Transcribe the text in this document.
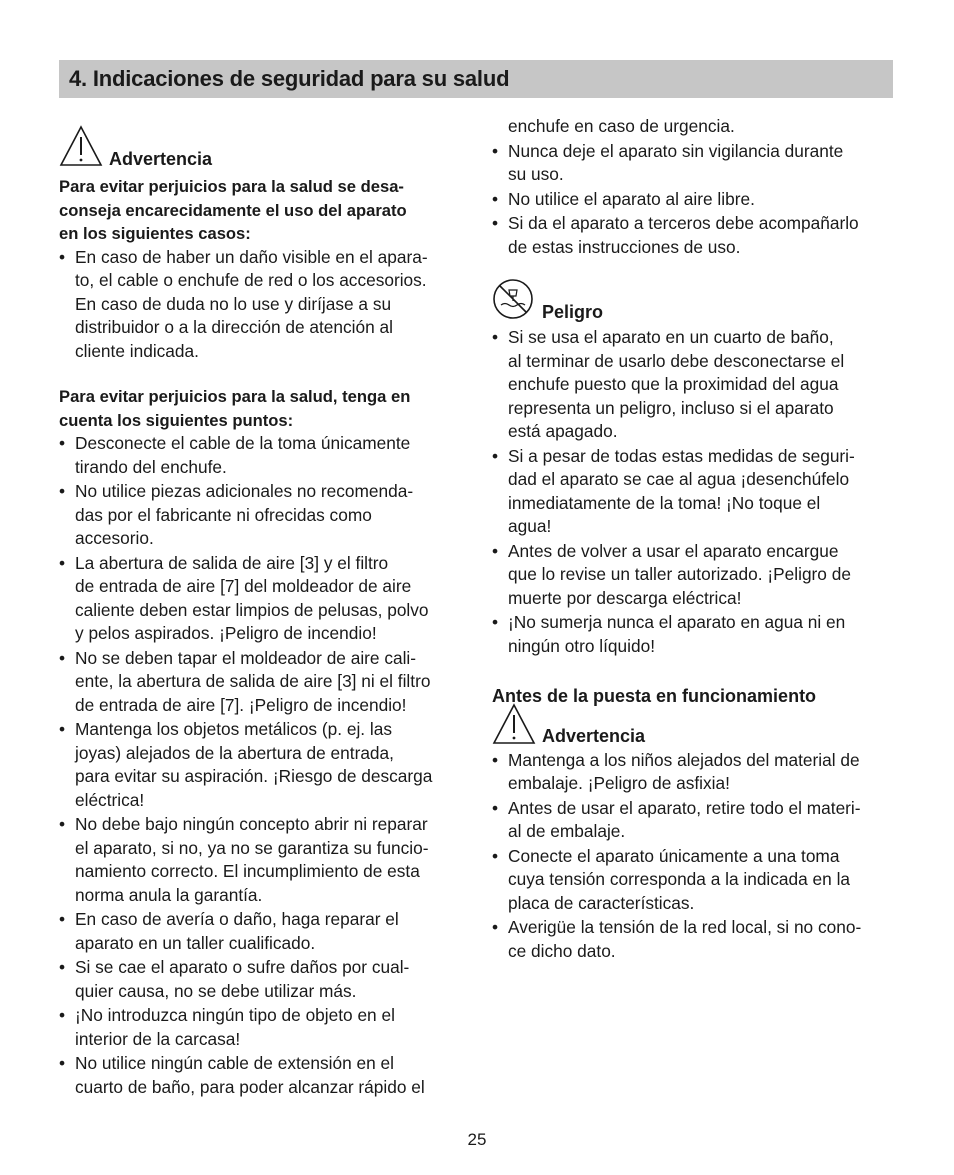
4. Indicaciones de seguridad para su salud
Advertencia
Para evitar perjuicios para la salud se desa-
conseja encarecidamente el uso del aparato
en los siguientes casos:
• En caso de haber un daño visible en el apara-
to, el cable o enchufe de red o los accesorios.
En caso de duda no lo use y diríjase a su
distribuidor o a la dirección de atención al
cliente indicada.
Para evitar perjuicios para la salud, tenga en
cuenta los siguientes puntos:
• Desconecte el cable de la toma únicamente
tirando del enchufe.
• No utilice piezas adicionales no recomenda-
das por el fabricante ni ofrecidas como
accesorio.
• La abertura de salida de aire [3] y el filtro
de entrada de aire [7] del moldeador de aire
caliente deben estar limpios de pelusas, polvo
y pelos aspirados. ¡Peligro de incendio!
• No se deben tapar el moldeador de aire cali-
ente, la abertura de salida de aire [3] ni el filtro
de entrada de aire [7]. ¡Peligro de incendio!
• Mantenga los objetos metálicos (p. ej. las
joyas) alejados de la abertura de entrada,
para evitar su aspiración. ¡Riesgo de descarga
eléctrica!
• No debe bajo ningún concepto abrir ni reparar
el aparato, si no, ya no se garantiza su funcio-
namiento correcto. El incumplimiento de esta
norma anula la garantía.
• En caso de avería o daño, haga reparar el
aparato en un taller cualificado.
• Si se cae el aparato o sufre daños por cual-
quier causa, no se debe utilizar más.
• ¡No introduzca ningún tipo de objeto en el
interior de la carcasa!
• No utilice ningún cable de extensión en el
cuarto de baño, para poder alcanzar rápido el
enchufe en caso de urgencia.
• Nunca deje el aparato sin vigilancia durante
su uso.
• No utilice el aparato al aire libre.
• Si da el aparato a terceros debe acompañarlo
de estas instrucciones de uso.
Peligro
• Si se usa el aparato en un cuarto de baño,
al terminar de usarlo debe desconectarse el
enchufe puesto que la proximidad del agua
representa un peligro, incluso si el aparato
está apagado.
• Si a pesar de todas estas medidas de seguri-
dad el aparato se cae al agua ¡desenchúfelo
inmediatamente de la toma! ¡No toque el
agua!
• Antes de volver a usar el aparato encargue
que lo revise un taller autorizado. ¡Peligro de
muerte por descarga eléctrica!
• ¡No sumerja nunca el aparato en agua ni en
ningún otro líquido!
Antes de la puesta en funcionamiento
Advertencia
• Mantenga a los niños alejados del material de
embalaje. ¡Peligro de asfixia!
• Antes de usar el aparato, retire todo el materi-
al de embalaje.
• Conecte el aparato únicamente a una toma
cuya tensión corresponda a la indicada en la
placa de características.
• Averigüe la tensión de la red local, si no cono-
ce dicho dato.
25
